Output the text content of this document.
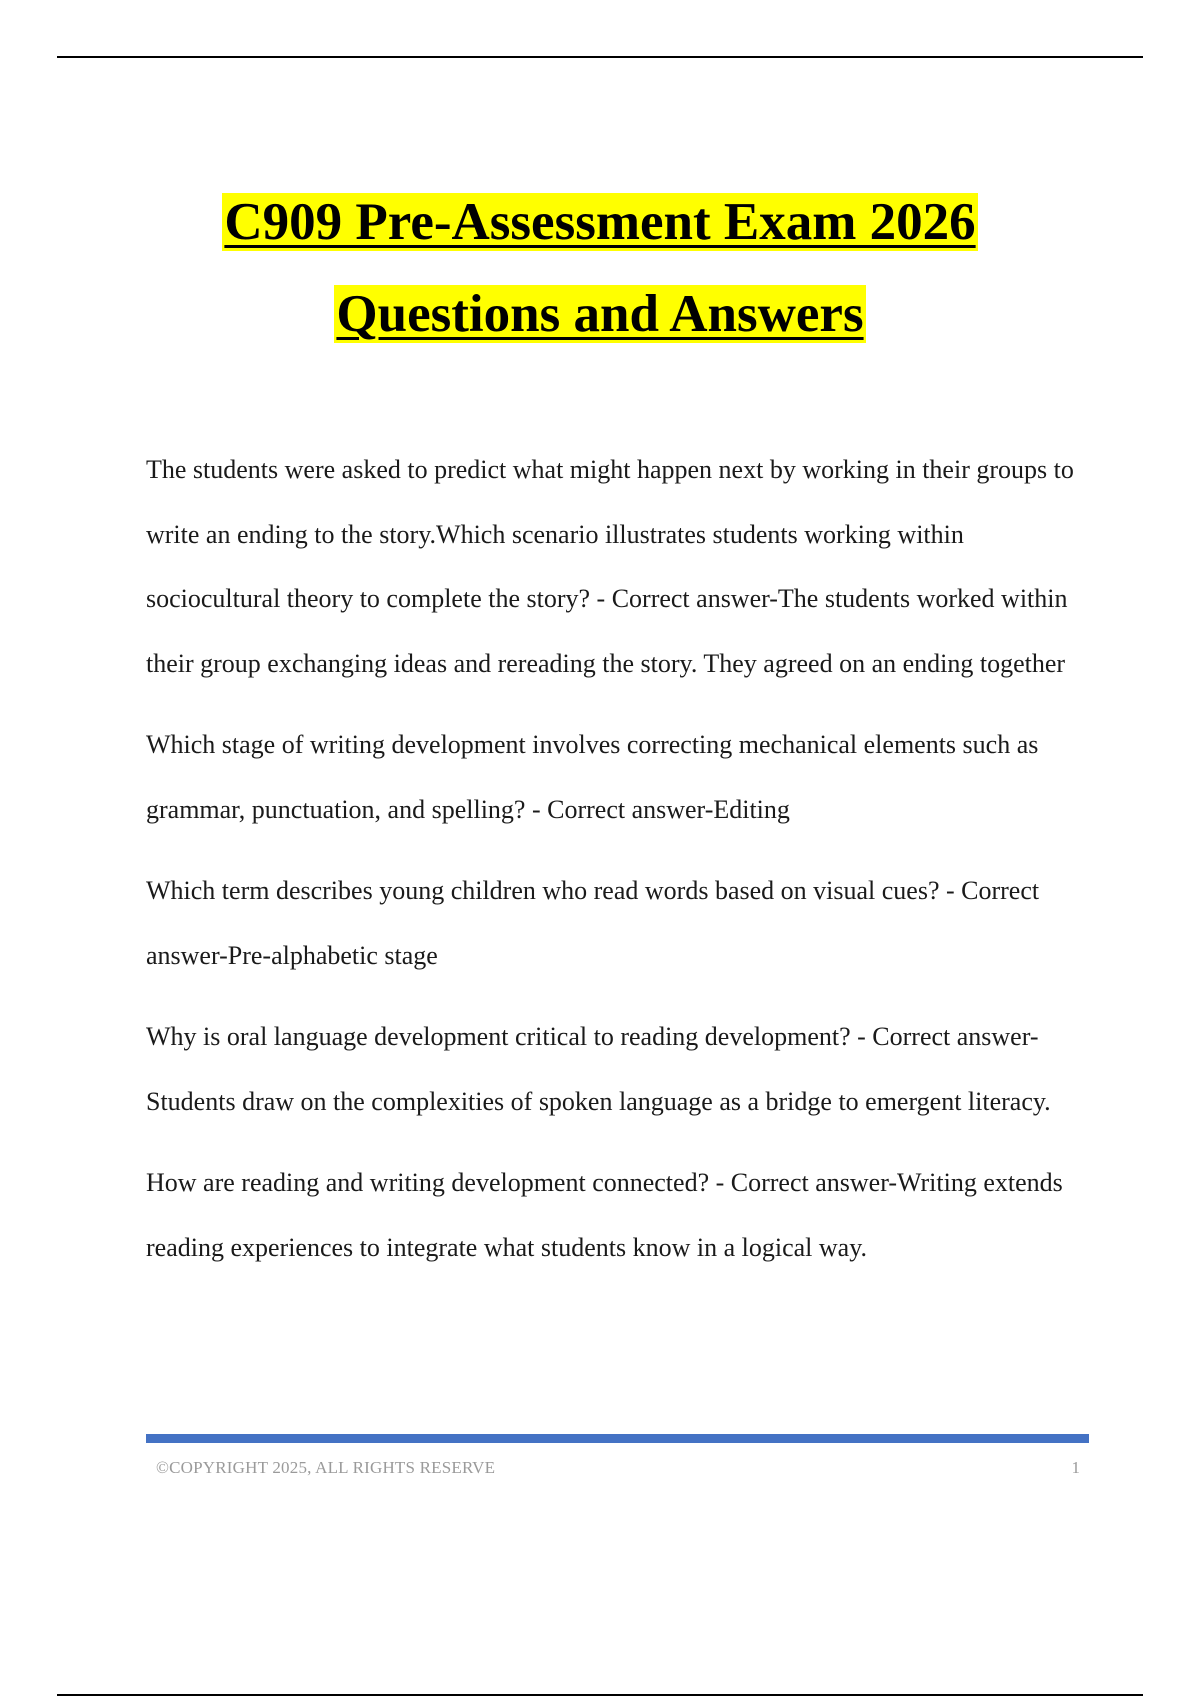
C909 Pre-Assessment Exam 2026
Questions and Answers

The students were asked to predict what might happen next by working in their groups to write an ending to the story.Which scenario illustrates students working within sociocultural theory to complete the story? - Correct answer-The students worked within their group exchanging ideas and rereading the story. They agreed on an ending together

Which stage of writing development involves correcting mechanical elements such as grammar, punctuation, and spelling? - Correct answer-Editing

Which term describes young children who read words based on visual cues? - Correct answer-Pre-alphabetic stage

Why is oral language development critical to reading development? - Correct answer-Students draw on the complexities of spoken language as a bridge to emergent literacy.

How are reading and writing development connected? - Correct answer-Writing extends reading experiences to integrate what students know in a logical way.

©COPYRIGHT 2025, ALL RIGHTS RESERVE	1
